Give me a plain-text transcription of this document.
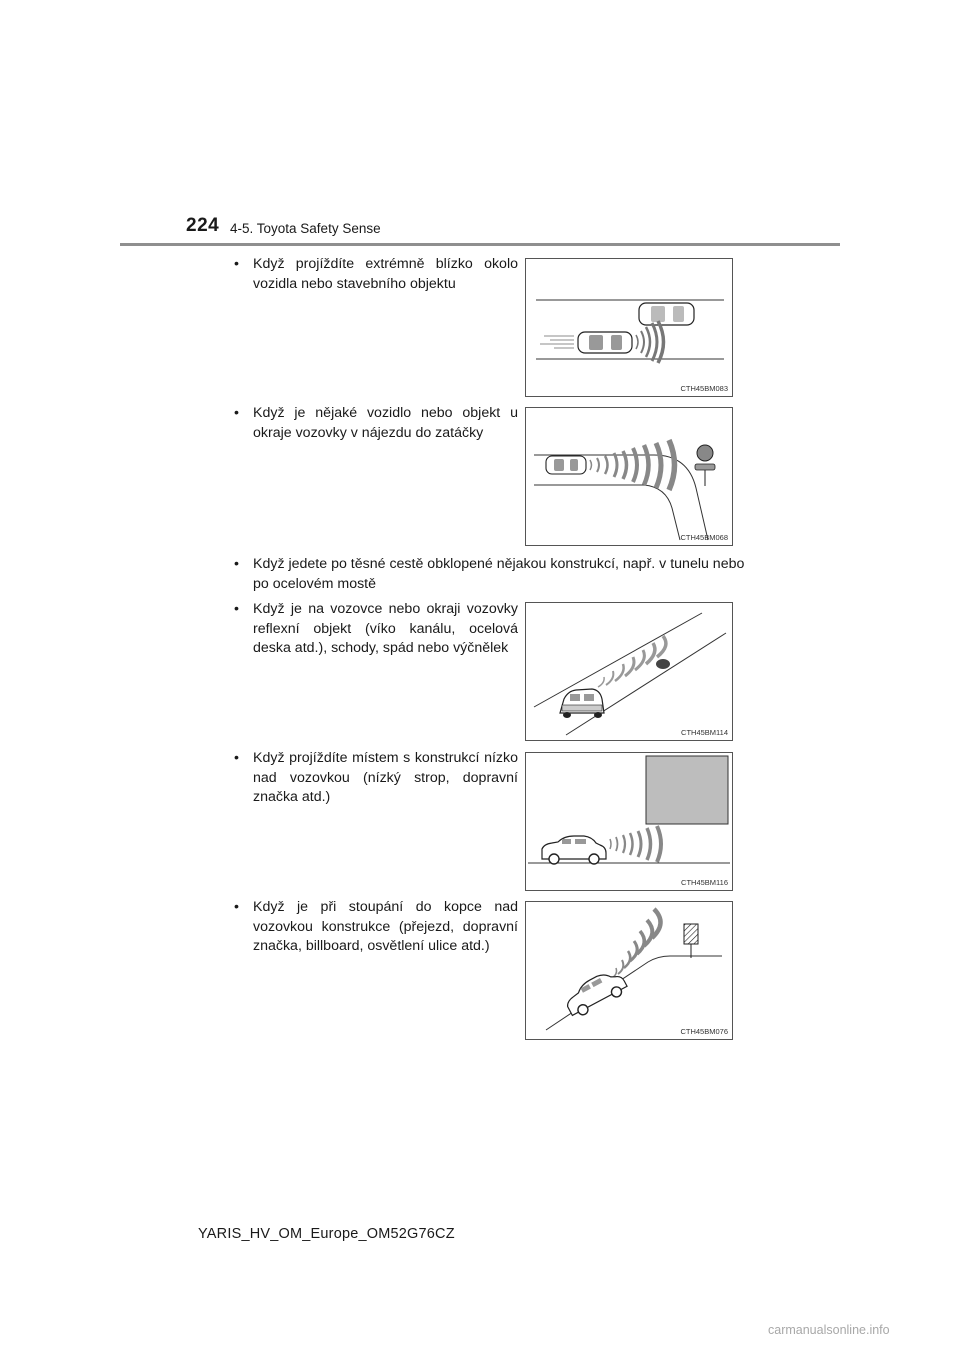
224 4-5. Toyota Safety Sense
• Když projíždíte extrémně blízko okolo vozidla nebo stavebního objektu
CTH45BM083
• Když je nějaké vozidlo nebo objekt u okraje vozovky v nájezdu do zatáčky
CTH45BM068
• Když jedete po těsné cestě obklopené nějakou konstrukcí, např. v tunelu nebo po ocelovém mostě
• Když je na vozovce nebo okraji vozovky reflexní objekt (víko kanálu, ocelová deska atd.), schody, spád nebo výčnělek
CTH45BM114
• Když projíždíte místem s konstrukcí nízko nad vozovkou (nízký strop, dopravní značka atd.)
CTH45BM116
• Když je při stoupání do kopce nad vozovkou konstrukce (přejezd, dopravní značka, billboard, osvětlení ulice atd.)
CTH45BM076
YARIS_HV_OM_Europe_OM52G76CZ
carmanualsonline.info
